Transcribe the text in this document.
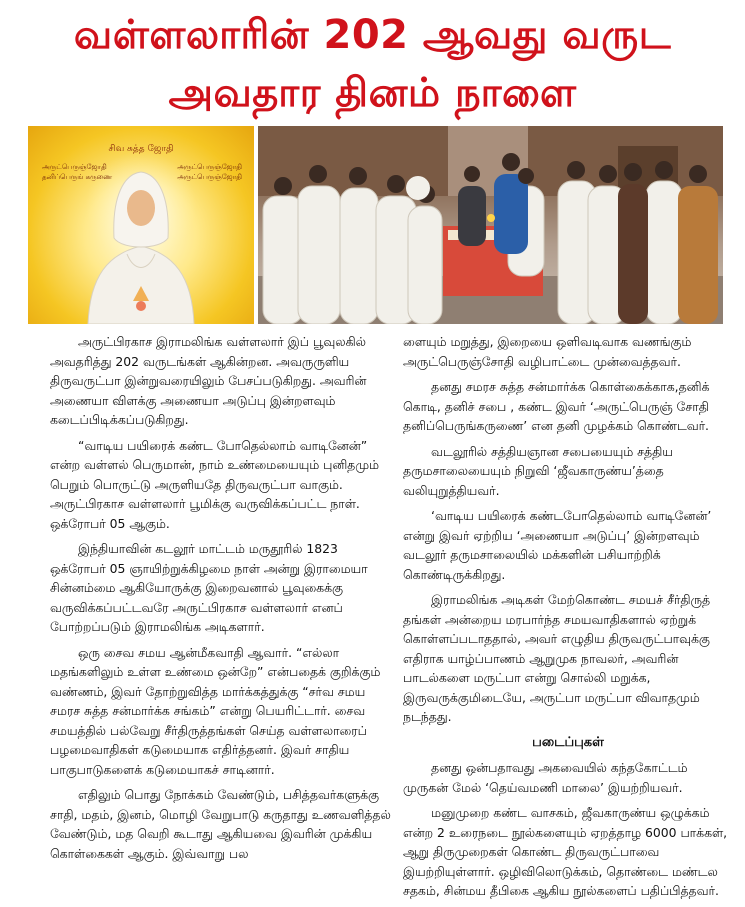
வள்ளலாரின் 202 ஆவது வருட
அவதார தினம் நாளை
சிவ சுத்த ஜோதி
அருட்பெருஞ்ஜோதி
தனிப்பெருங் கருணை
அருட்பெருஞ்ஜோதி
அருட்பெருஞ்ஜோதி

அருட்பிரகாச இராமலிங்க வள்ளலார் இப் பூவுலகில் அவதரித்து 202 வருடங்கள் ஆகின்றன. அவருருளிய திருவருட்பா இன்றுவரையிலும் பேசப்படுகிறது. அவரின் அணையா விளக்கு அணையா அடுப்பு இன்றளவும் கடைப்பிடிக்கப்படுகிறது.

“வாடிய பயிரைக் கண்ட போதெல்லாம் வாடினேன்” என்ற வள்ளல் பெருமான், நாம் உண்மையையும் புனிதமும் பெறும் பொருட்டு அருளியதே திருவருட்பா வாகும். அருட்பிரகாச வள்ளலார் பூமிக்கு வருவிக்கப்பட்ட நாள். ஒக்ரோபர் 05 ஆகும்.

இந்தியாவின் கடலூர் மாட்டம் மருதூரில் 1823 ஒக்ரோபர் 05 ஞாயிற்றுக்கிழமை நாள் அன்று இராமையா சின்னம்மை ஆகியோருக்கு இறைவனால் பூவுகைக்கு வருவிக்கப்பட்டவரே அருட்பிரகாச வள்ளலார் எனப் போற்றப்படும் இராமலிங்க அடிகளார்.

ஒரு சைவ சமய ஆன்மீகவாதி ஆவார். “எல்லா மதங்களிலும் உள்ள உண்மை ஒன்றே” என்பதைக் குறிக்கும் வண்ணம், இவர் தோற்றுவித்த மார்க்கத்துக்கு “சர்வ சமய சமரச சுத்த சன்மார்க்க சங்கம்” என்று பெயரிட்டார். சைவ சமயத்தில் பல்வேறு சீர்திருத்தங்கள் செய்த வள்ளலாரைப் பழமைவாதிகள் கடுமையாக எதிர்த்தனர். இவர் சாதிய பாகுபாடுகளைக் கடுமையாகச் சாடினார்.

எதிலும் பொது நோக்கம் வேண்டும், பசித்தவர்களுக்கு சாதி, மதம், இனம், மொழி வேறுபாடு கருதாது உணவளித்தல் வேண்டும், மத வெறி கூடாது ஆகியவை இவரின் முக்கிய கொள்கைகள் ஆகும். இவ்வாறு பல

ளையும் மறுத்து, இறையை ஒளிவடிவாக வணங்கும் அருட்பெருஞ்சோதி வழிபாட்டை முன்வைத்தவர்.

தனது சமரச சுத்த சன்மார்க்க கொள்கைக்காக,தனிக் கொடி, தனிச் சபை , கண்ட இவர் ‘அருட்பெருஞ் சோதி தனிப்பெருங்கருணை’ என தனி முழக்கம் கொண்டவர்.

வடலூரில் சத்தியஞான சபையையும் சத்திய தருமசாலையையும் நிறுவி ‘ஜீவகாருண்ய’த்தை வலியுறுத்தியவர்.

‘வாடிய பயிரைக் கண்டபோதெல்லாம் வாடினேன்’ என்று இவர் ஏற்றிய ‘அணையா அடுப்பு’ இன்றளவும் வடலூர் தருமசாலையில் மக்களின் பசியாற்றிக் கொண்டிருக்கிறது.

இராமலிங்க அடிகள் மேற்கொண்ட சமயச் சீர்திருத் தங்கள் அன்றைய மரபார்ந்த சமயவாதிகளால் ஏற்றுக் கொள்ளப்படாததால், அவர் எழுதிய திருவருட்பாவுக்கு எதிராக யாழ்ப்பாணம் ஆறுமுக நாவலர், அவரின் பாடல்களை மருட்பா என்று சொல்லி மறுக்க, இருவருக்குமிடையே, அருட்பா மருட்பா விவாதமும் நடந்தது.

படைப்புகள்

தனது ஒன்பதாவது அகவையில் கந்தகோட்டம் முருகன் மேல் ‘தெய்வமணி மாலை’ இயற்றியவர்.

மனுமுறை கண்ட வாசகம், ஜீவகாருண்ய ஒழுக்கம் என்ற 2 உரைநடை நூல்களையும் ஏறத்தாழ 6000 பாக்கள், ஆறு திருமுறைகள் கொண்ட திருவருட்பாவை இயற்றியுள்ளார். ஒழிவிலொடுக்கம், தொண்டை மண்டல சதகம், சின்மய தீபிகை ஆகிய நூல்களைப் பதிப்பித்தவர்.
